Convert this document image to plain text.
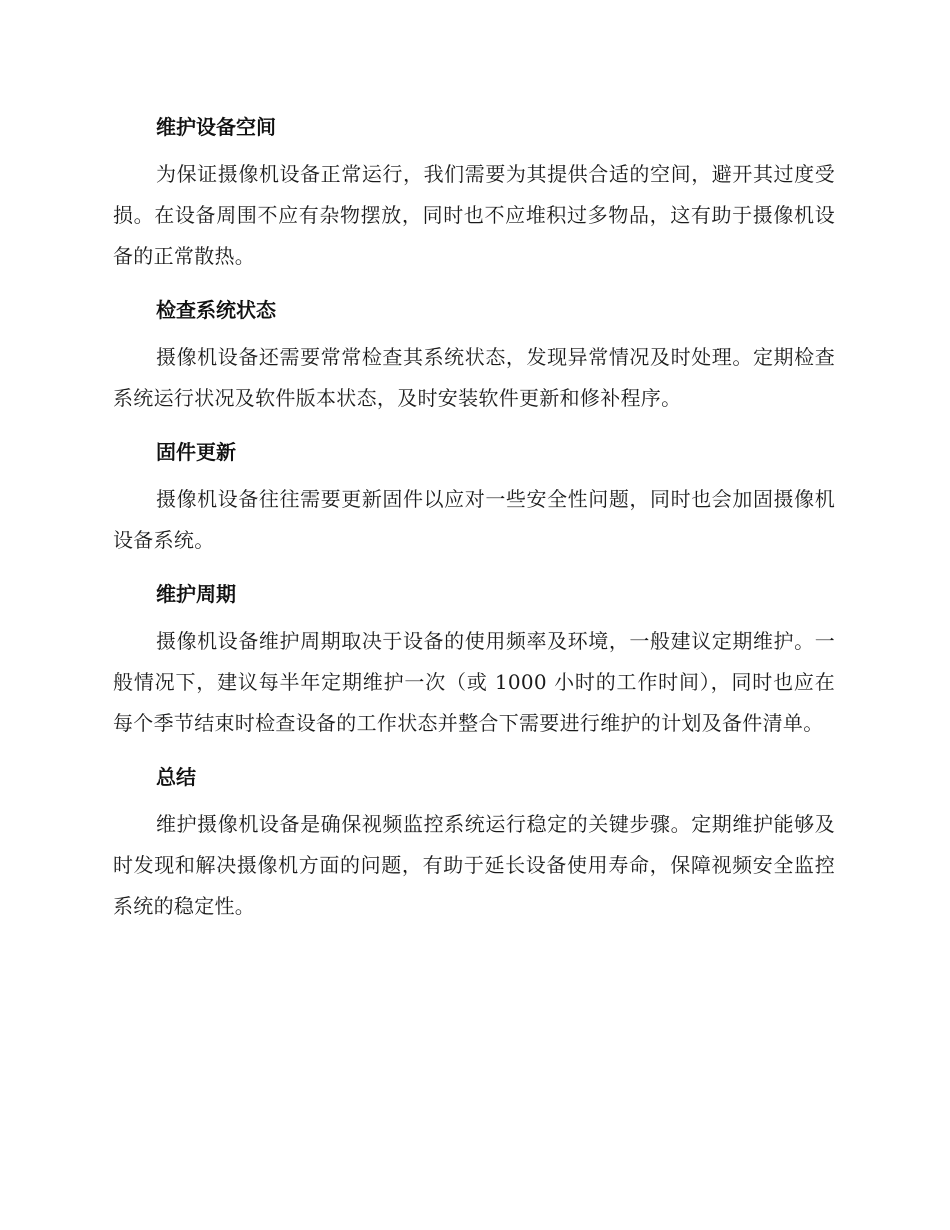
维护设备空间

为保证摄像机设备正常运行，我们需要为其提供合适的空间，避开其过度受损。在设备周围不应有杂物摆放，同时也不应堆积过多物品，这有助于摄像机设备的正常散热。

检查系统状态

摄像机设备还需要常常检查其系统状态，发现异常情况及时处理。定期检查系统运行状况及软件版本状态，及时安装软件更新和修补程序。

固件更新

摄像机设备往往需要更新固件以应对一些安全性问题，同时也会加固摄像机设备系统。

维护周期

摄像机设备维护周期取决于设备的使用频率及环境，一般建议定期维护。一般情况下，建议每半年定期维护一次（或 1000 小时的工作时间），同时也应在每个季节结束时检查设备的工作状态并整合下需要进行维护的计划及备件清单。

总结

维护摄像机设备是确保视频监控系统运行稳定的关键步骤。定期维护能够及时发现和解决摄像机方面的问题，有助于延长设备使用寿命，保障视频安全监控系统的稳定性。
